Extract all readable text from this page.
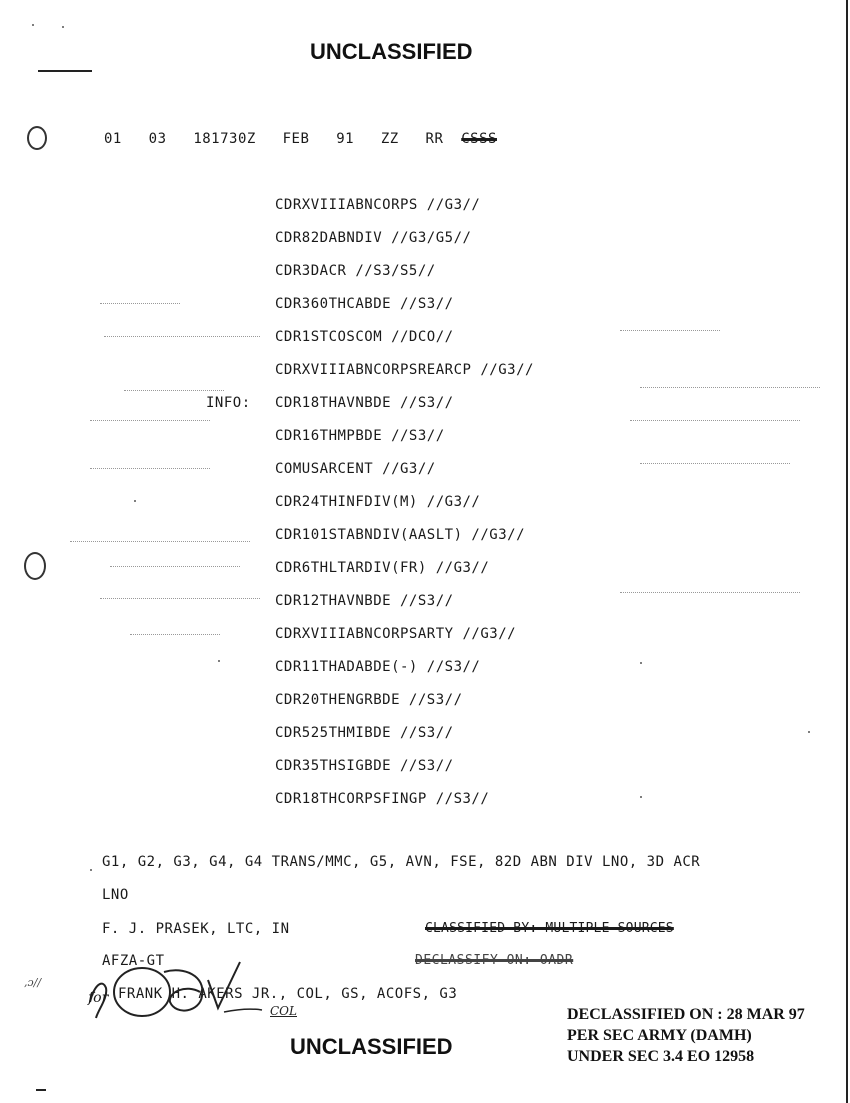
UNCLASSIFIED
01 03 181730Z FEB 91 ZZ RR CSSS
INFO:
CDRXVIIIABNCORPS //G3//
CDR82DABNDIV //G3/G5//
CDR3DACR //S3/S5//
CDR360THCABDE //S3//
CDR1STCOSCOM //DCO//
CDRXVIIIABNCORPSREARCP //G3//
CDR18THAVNBDE //S3//
CDR16THMPBDE //S3//
COMUSARCENT //G3//
CDR24THINFDIV(M) //G3//
CDR101STABNDIV(AASLT) //G3//
CDR6THLTARDIV(FR) //G3//
CDR12THAVNBDE //S3//
CDRXVIIIABNCORPSARTY //G3//
CDR11THADABDE(-) //S3//
CDR20THENGRBDE //S3//
CDR525THMIBDE //S3//
CDR35THSIGBDE //S3//
CDR18THCORPSFINGP //S3//
G1, G2, G3, G4, G4 TRANS/MMC, G5, AVN, FSE, 82D ABN DIV LNO, 3D ACR
LNO
F. J. PRASEK, LTC, IN
AFZA-GT
FRANK H. AKERS JR., COL, GS, ACOFS, G3
CLASSIFIED BY: MULTIPLE SOURCES
DECLASSIFY ON: OADR
for
COL
,ɔ//
UNCLASSIFIED
DECLASSIFIED ON : 28 MAR 97
PER SEC ARMY (DAMH)
UNDER SEC 3.4 EO 12958
